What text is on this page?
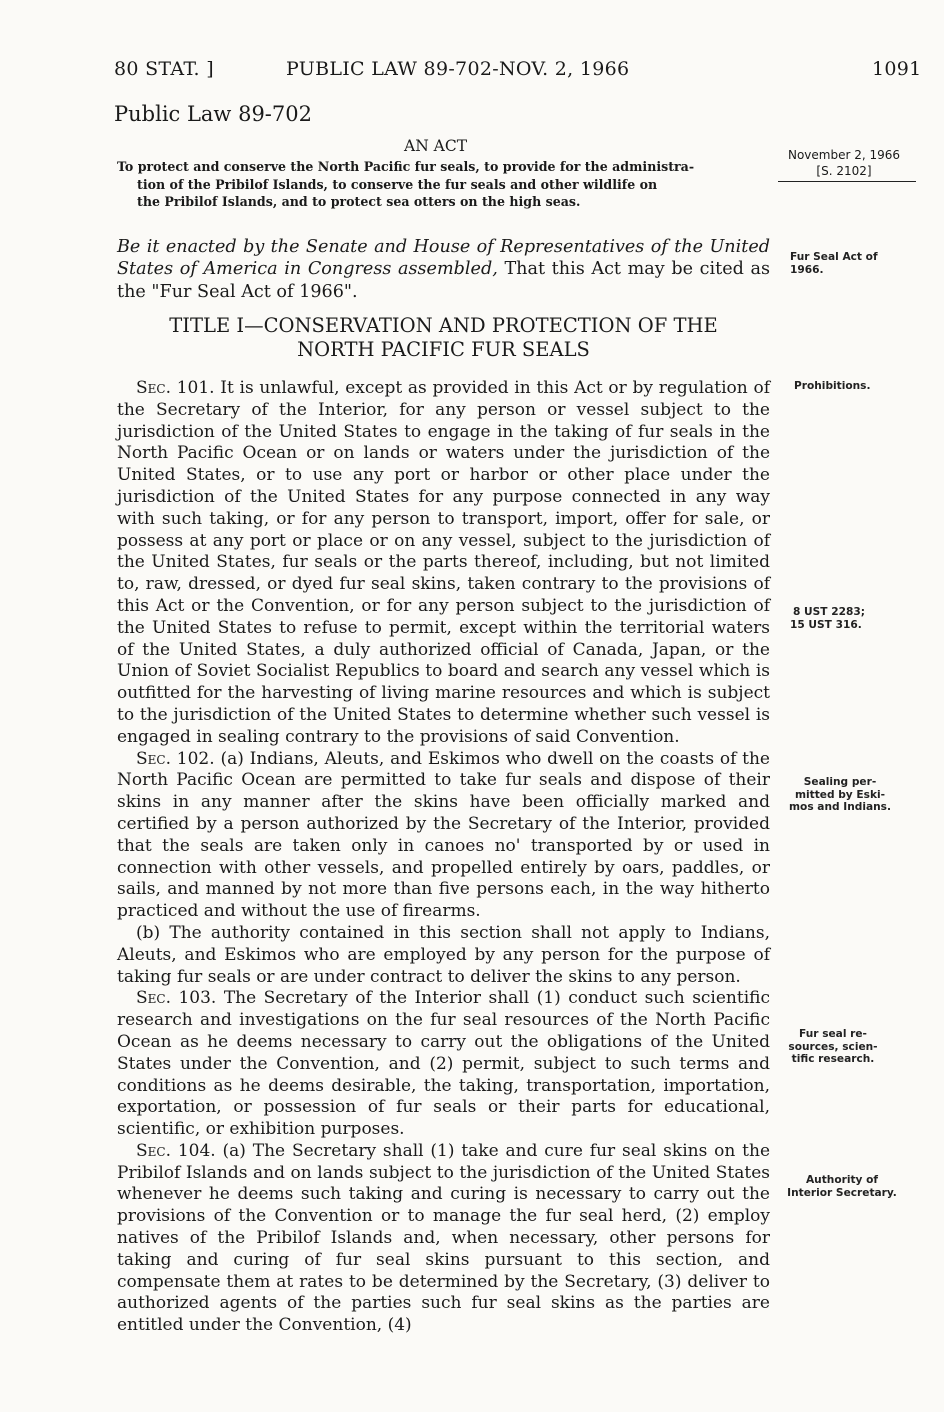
80 STAT. ]	PUBLIC LAW 89-702-NOV. 2, 1966	1091
Public Law 89-702
AN ACT
To protect and conserve the North Pacific fur seals, to provide for the administra-
tion of the Pribilof Islands, to conserve the fur seals and other wildlife on
the Pribilof Islands, and to protect sea otters on the high seas.
November 2, 1966
[S. 2102]
Be it enacted by the Senate and House of Representatives of the United States of America in Congress assembled, That this Act may be cited as the "Fur Seal Act of 1966".
Fur Seal Act of
1966.
TITLE I—CONSERVATION AND PROTECTION OF THE
NORTH PACIFIC FUR SEALS

Sec. 101. It is unlawful, except as provided in this Act or by regulation of the Secretary of the Interior, for any person or vessel subject to the jurisdiction of the United States to engage in the taking of fur seals in the North Pacific Ocean or on lands or waters under the jurisdiction of the United States, or to use any port or harbor or other place under the jurisdiction of the United States for any purpose connected in any way with such taking, or for any person to transport, import, offer for sale, or possess at any port or place or on any vessel, subject to the jurisdiction of the United States, fur seals or the parts thereof, including, but not limited to, raw, dressed, or dyed fur seal skins, taken contrary to the provisions of this Act or the Convention, or for any person subject to the jurisdiction of the United States to refuse to permit, except within the territorial waters of the United States, a duly authorized official of Canada, Japan, or the Union of Soviet Socialist Republics to board and search any vessel which is outfitted for the harvesting of living marine resources and which is subject to the jurisdiction of the United States to determine whether such vessel is engaged in sealing contrary to the provisions of said Convention.

Sec. 102. (a) Indians, Aleuts, and Eskimos who dwell on the coasts of the North Pacific Ocean are permitted to take fur seals and dispose of their skins in any manner after the skins have been officially marked and certified by a person authorized by the Secretary of the Interior, provided that the seals are taken only in canoes no' transported by or used in connection with other vessels, and propelled entirely by oars, paddles, or sails, and manned by not more than five persons each, in the way hitherto practiced and without the use of firearms.

(b) The authority contained in this section shall not apply to Indians, Aleuts, and Eskimos who are employed by any person for the purpose of taking fur seals or are under contract to deliver the skins to any person.

Sec. 103. The Secretary of the Interior shall (1) conduct such scientific research and investigations on the fur seal resources of the North Pacific Ocean as he deems necessary to carry out the obligations of the United States under the Convention, and (2) permit, subject to such terms and conditions as he deems desirable, the taking, transportation, importation, exportation, or possession of fur seals or their parts for educational, scientific, or exhibition purposes.

Sec. 104. (a) The Secretary shall (1) take and cure fur seal skins on the Pribilof Islands and on lands subject to the jurisdiction of the United States whenever he deems such taking and curing is necessary to carry out the provisions of the Convention or to manage the fur seal herd, (2) employ natives of the Pribilof Islands and, when necessary, other persons for taking and curing of fur seal skins pursuant to this section, and compensate them at rates to be determined by the Secretary, (3) deliver to authorized agents of the parties such fur seal skins as the parties are entitled under the Convention, (4)

Prohibitions.
8 UST 2283;
15 UST 316.
Sealing per-
mitted by Eski-
mos and Indians.
Fur seal re-
sources, scien-
tific research.
Authority of
Interior Secretary.
